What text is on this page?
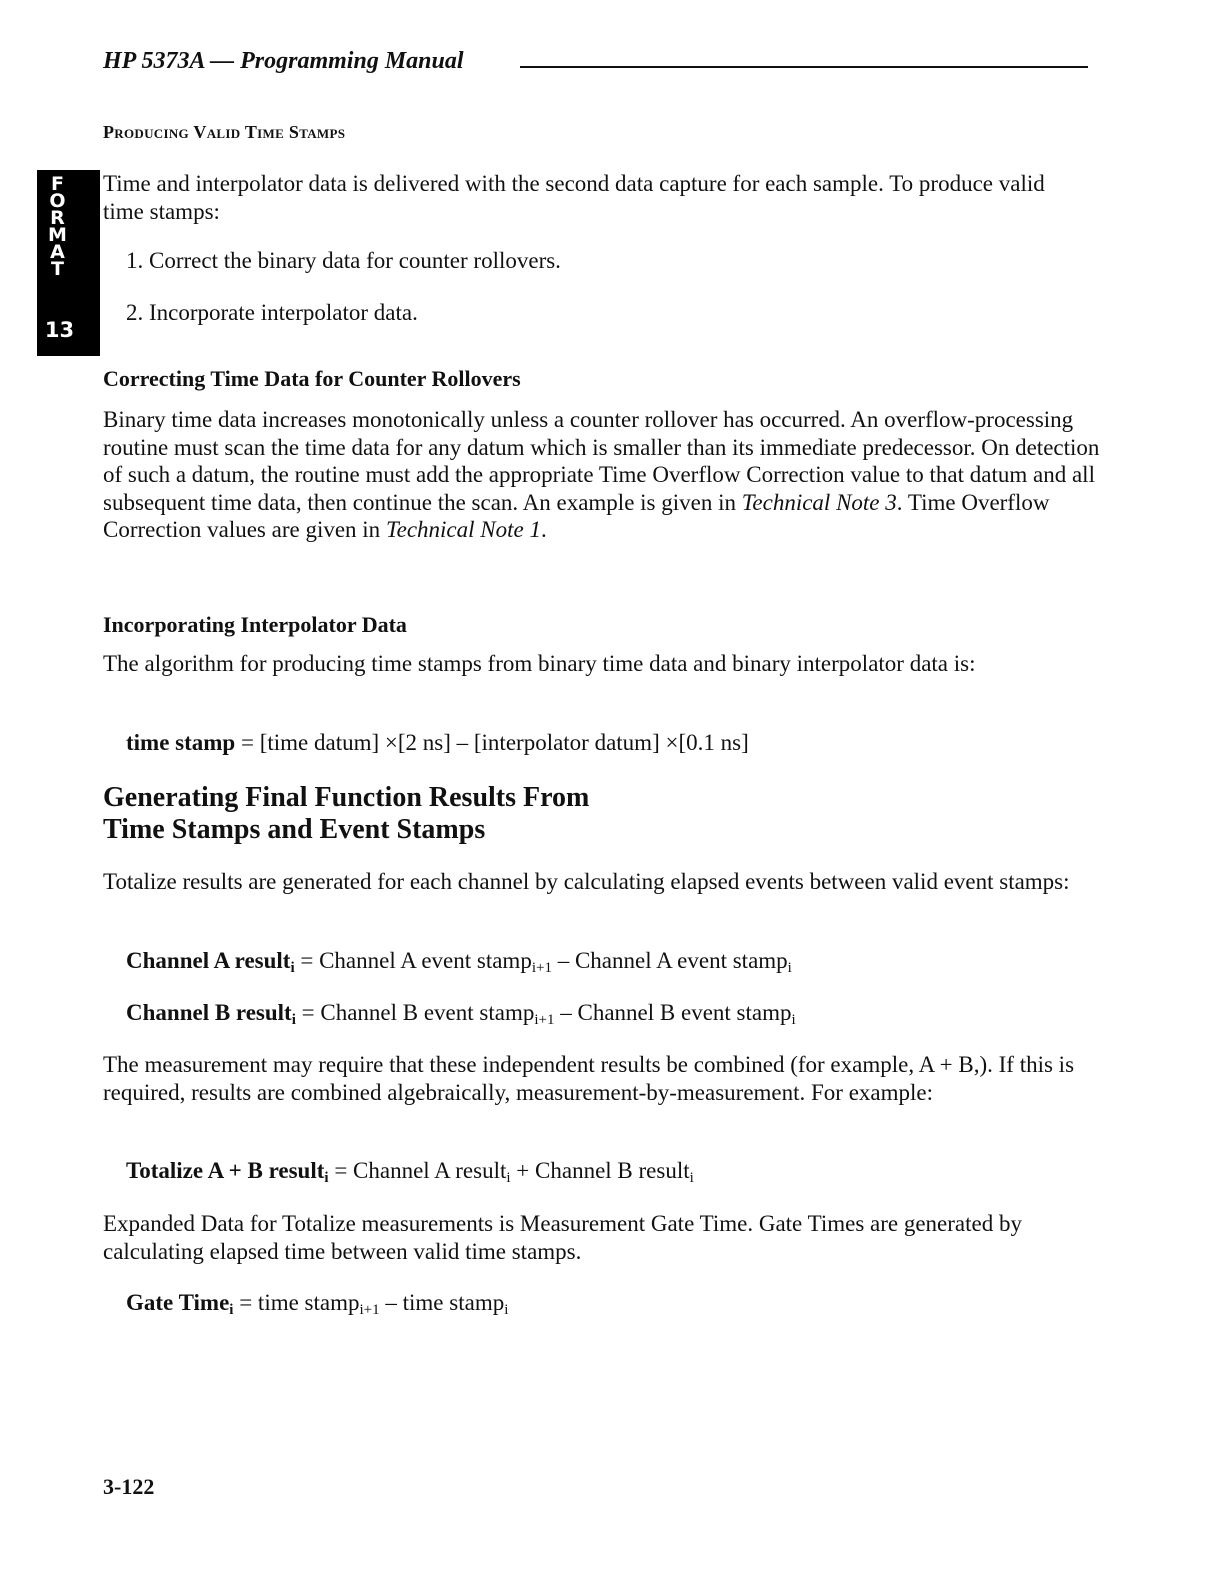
HP 5373A — Programming Manual
Producing Valid Time Stamps
F
O
R
M
A
T
13
Time and interpolator data is delivered with the second data capture for each sample. To produce valid time stamps:
1. Correct the binary data for counter rollovers.
2. Incorporate interpolator data.
Correcting Time Data for Counter Rollovers
Binary time data increases monotonically unless a counter rollover has occurred. An overflow-processing routine must scan the time data for any datum which is smaller than its immediate predecessor. On detection of such a datum, the routine must add the appropriate Time Overflow Correction value to that datum and all subsequent time data, then continue the scan. An example is given in Technical Note 3. Time Overflow Correction values are given in Technical Note 1.
Incorporating Interpolator Data
The algorithm for producing time stamps from binary time data and binary interpolator data is:
time stamp = [time datum] ×[2 ns] – [interpolator datum] ×[0.1 ns]
Generating Final Function Results From
Time Stamps and Event Stamps
Totalize results are generated for each channel by calculating elapsed events between valid event stamps:
Channel A result$_i$ = Channel A event stamp$_{i+1}$ – Channel A event stamp$_i$
Channel B result$_i$ = Channel B event stamp$_{i+1}$ – Channel B event stamp$_i$
The measurement may require that these independent results be combined (for example, A + B,). If this is required, results are combined algebraically, measurement-by-measurement. For example:
Totalize A + B result$_i$ = Channel A result$_i$ + Channel B result$_i$
Expanded Data for Totalize measurements is Measurement Gate Time. Gate Times are generated by calculating elapsed time between valid time stamps.
Gate Time$_i$ = time stamp$_{i+1}$ – time stamp$_i$
3-122
